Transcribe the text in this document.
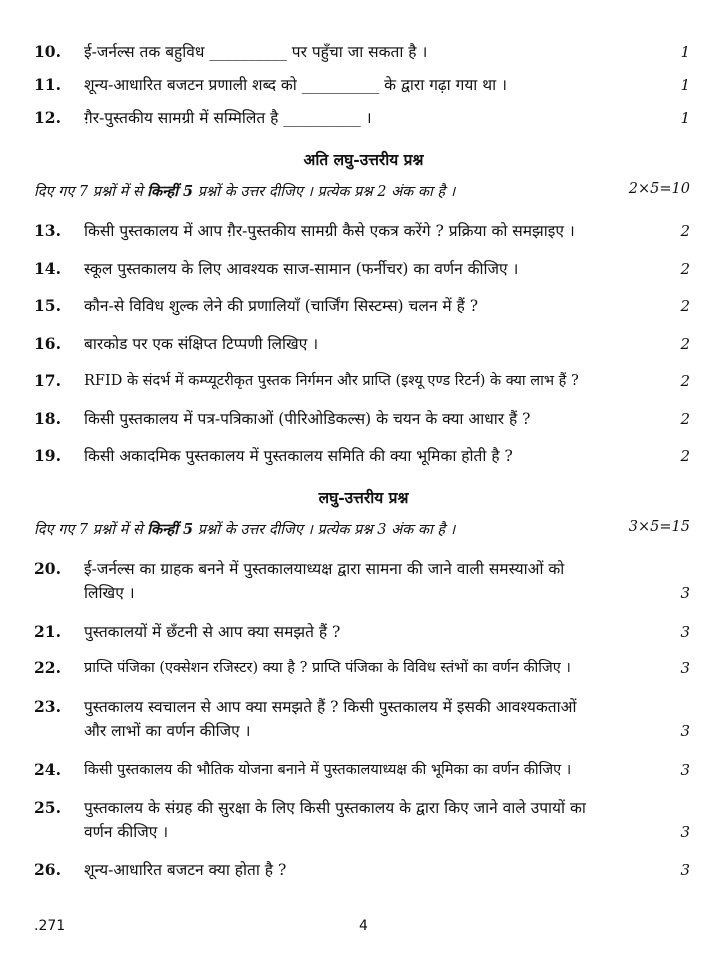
10. ई-जर्नल्स तक बहुविध __________ पर पहुँचा जा सकता है ।	1
11. शून्य-आधारित बजटन प्रणाली शब्द को __________ के द्वारा गढ़ा गया था ।	1
12. ग़ैर-पुस्तकीय सामग्री में सम्मिलित है __________ ।	1
अति लघु-उत्तरीय प्रश्न
दिए गए 7 प्रश्नों में से किन्हीं 5 प्रश्नों के उत्तर दीजिए । प्रत्येक प्रश्न 2 अंक का है ।	2×5=10
13. किसी पुस्तकालय में आप ग़ैर-पुस्तकीय सामग्री कैसे एकत्र करेंगे ? प्रक्रिया को समझाइए ।	2
14. स्कूल पुस्तकालय के लिए आवश्यक साज-सामान (फर्नीचर) का वर्णन कीजिए ।	2
15. कौन-से विविध शुल्क लेने की प्रणालियाँ (चार्जिंग सिस्टम्स) चलन में हैं ?	2
16. बारकोड पर एक संक्षिप्त टिप्पणी लिखिए ।	2
17. RFID के संदर्भ में कम्प्यूटरीकृत पुस्तक निर्गमन और प्राप्ति (इश्यू एण्ड रिटर्न) के क्या लाभ हैं ?	2
18. किसी पुस्तकालय में पत्र-पत्रिकाओं (पीरिओडिकल्स) के चयन के क्या आधार हैं ?	2
19. किसी अकादमिक पुस्तकालय में पुस्तकालय समिति की क्या भूमिका होती है ?	2
लघु-उत्तरीय प्रश्न
दिए गए 7 प्रश्नों में से किन्हीं 5 प्रश्नों के उत्तर दीजिए । प्रत्येक प्रश्न 3 अंक का है ।	3×5=15
20. ई-जर्नल्स का ग्राहक बनने में पुस्तकालयाध्यक्ष द्वारा सामना की जाने वाली समस्याओं को
लिखिए ।	3
21. पुस्तकालयों में छँटनी से आप क्या समझते हैं ?	3
22. प्राप्ति पंजिका (एक्सेशन रजिस्टर) क्या है ? प्राप्ति पंजिका के विविध स्तंभों का वर्णन कीजिए ।	3
23. पुस्तकालय स्वचालन से आप क्या समझते हैं ? किसी पुस्तकालय में इसकी आवश्यकताओं
और लाभों का वर्णन कीजिए ।	3
24. किसी पुस्तकालय की भौतिक योजना बनाने में पुस्तकालयाध्यक्ष की भूमिका का वर्णन कीजिए ।	3
25. पुस्तकालय के संग्रह की सुरक्षा के लिए किसी पुस्तकालय के द्वारा किए जाने वाले उपायों का
वर्णन कीजिए ।	3
26. शून्य-आधारित बजटन क्या होता है ?	3
.271	4
